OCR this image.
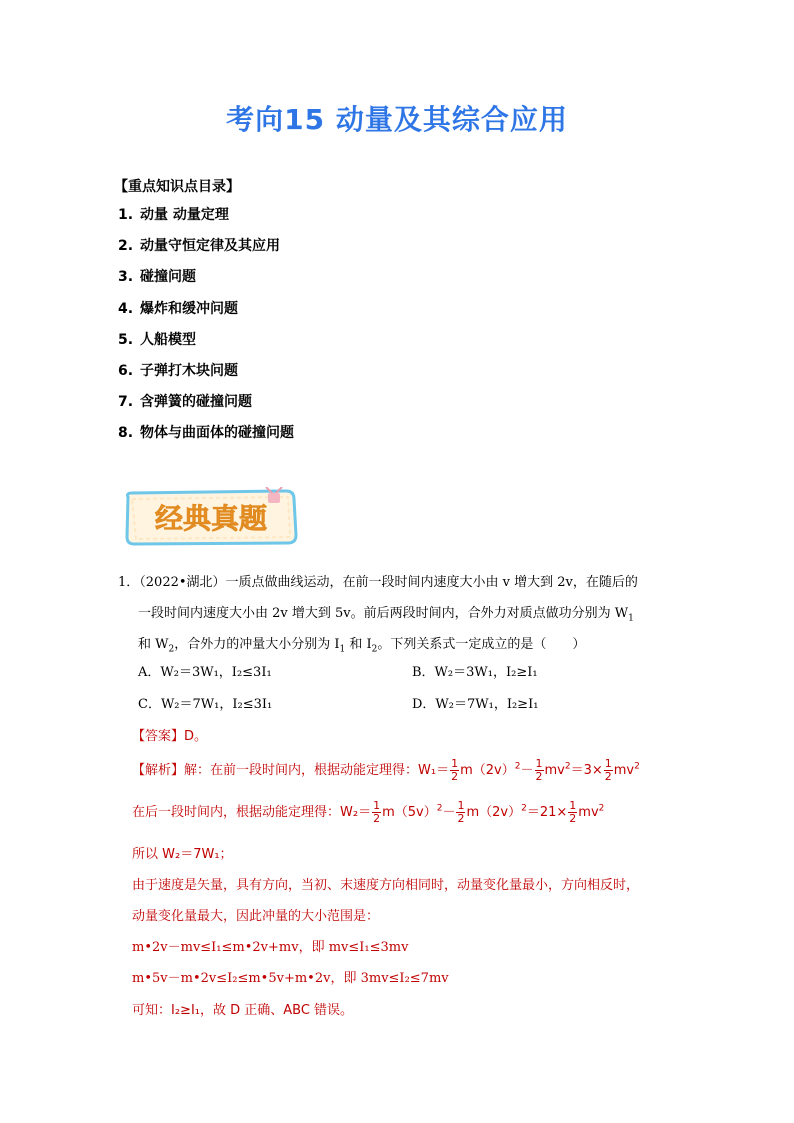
考向15 动量及其综合应用
【重点知识点目录】
1. 动量 动量定理
2. 动量守恒定律及其应用
3. 碰撞问题
4. 爆炸和缓冲问题
5. 人船模型
6. 子弹打木块问题
7. 含弹簧的碰撞问题
8. 物体与曲面体的碰撞问题
经典真题
1．（2022•湖北）一质点做曲线运动，在前一段时间内速度大小由 v 增大到 2v，在随后的
一段时间内速度大小由 2v 增大到 5v。前后两段时间内，合外力对质点做功分别为 $W_1$
和 $W_2$，合外力的冲量大小分别为 $I_1$ 和 $I_2$。下列关系式一定成立的是（　　）
A．W₂＝3W₁，I₂≤3I₁	B．W₂＝3W₁，I₂≥I₁
C．W₂＝7W₁，I₂≤3I₁	D．W₂＝7W₁，I₂≥I₁
【答案】D。
【解析】解：在前一段时间内，根据动能定理得：$W_1= \frac{1}{2} m(2v)^2- \frac{1}{2} mv^2=3\times \frac{1}{2} mv^2$
在后一段时间内，根据动能定理得：$W_2= \frac{1}{2} m(5v)^2- \frac{1}{2} m(2v)^2=21\times \frac{1}{2} mv^2$
所以 W₂＝7W₁；
由于速度是矢量，具有方向，当初、末速度方向相同时，动量变化量最小，方向相反时，
动量变化量最大，因此冲量的大小范围是：
m•2v－mv≤I₁≤m•2v+mv，即 mv≤I₁≤3mv
m•5v－m•2v≤I₂≤m•5v+m•2v，即 3mv≤I₂≤7mv
可知：I₂≥I₁，故 D 正确、ABC 错误。
